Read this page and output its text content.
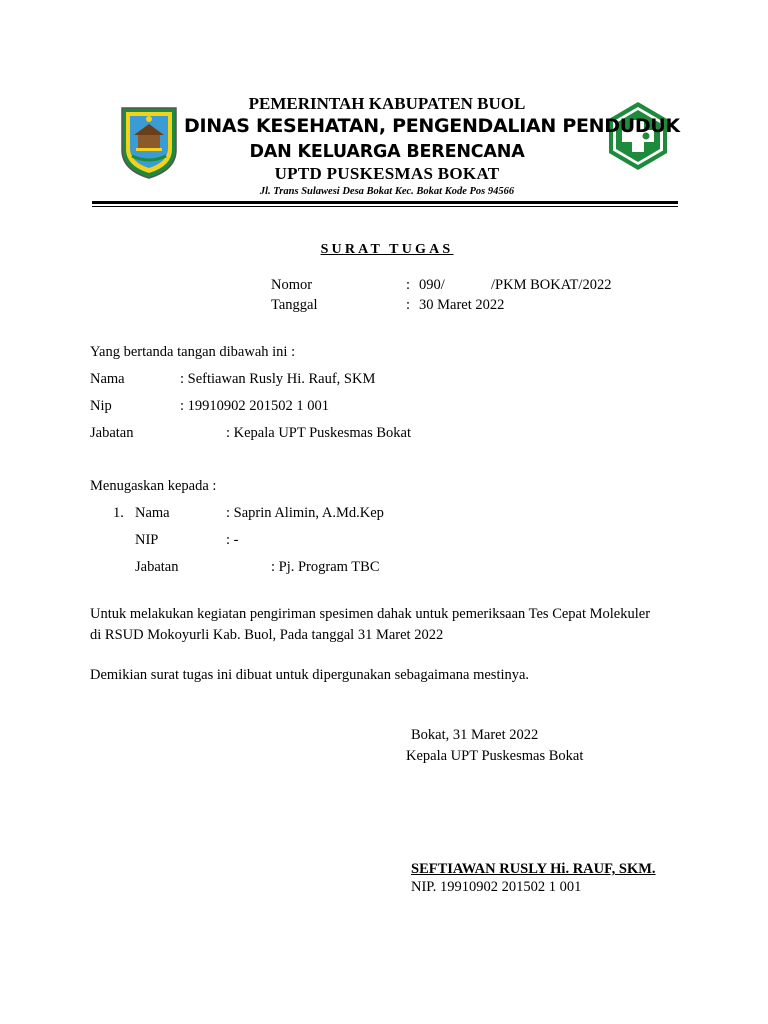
PEMERINTAH KABUPATEN BUOL
DINAS KESEHATAN, PENGENDALIAN PENDUDUK
DAN KELUARGA BERENCANA
UPTD PUSKESMAS BOKAT
Jl. Trans Sulawesi Desa Bokat Kec. Bokat Kode Pos 94566
SURAT TUGAS
Nomor	: 090/	/PKM BOKAT/2022
Tanggal	: 30 Maret 2022
Yang bertanda tangan dibawah ini :
Nama	: Seftiawan Rusly Hi. Rauf, SKM
Nip	: 19910902 201502 1 001
Jabatan	: Kepala UPT Puskesmas Bokat
Menugaskan kepada :
1. Nama	: Saprin Alimin, A.Md.Kep
NIP	: -
Jabatan	: Pj. Program TBC
Untuk melakukan kegiatan pengiriman spesimen dahak untuk pemeriksaan Tes Cepat Molekuler
di RSUD Mokoyurli Kab. Buol, Pada tanggal 31 Maret 2022
Demikian surat tugas ini dibuat untuk dipergunakan sebagaimana mestinya.
Bokat, 31 Maret 2022
Kepala UPT Puskesmas Bokat
SEFTIAWAN RUSLY Hi. RAUF, SKM.
NIP. 19910902 201502 1 001
